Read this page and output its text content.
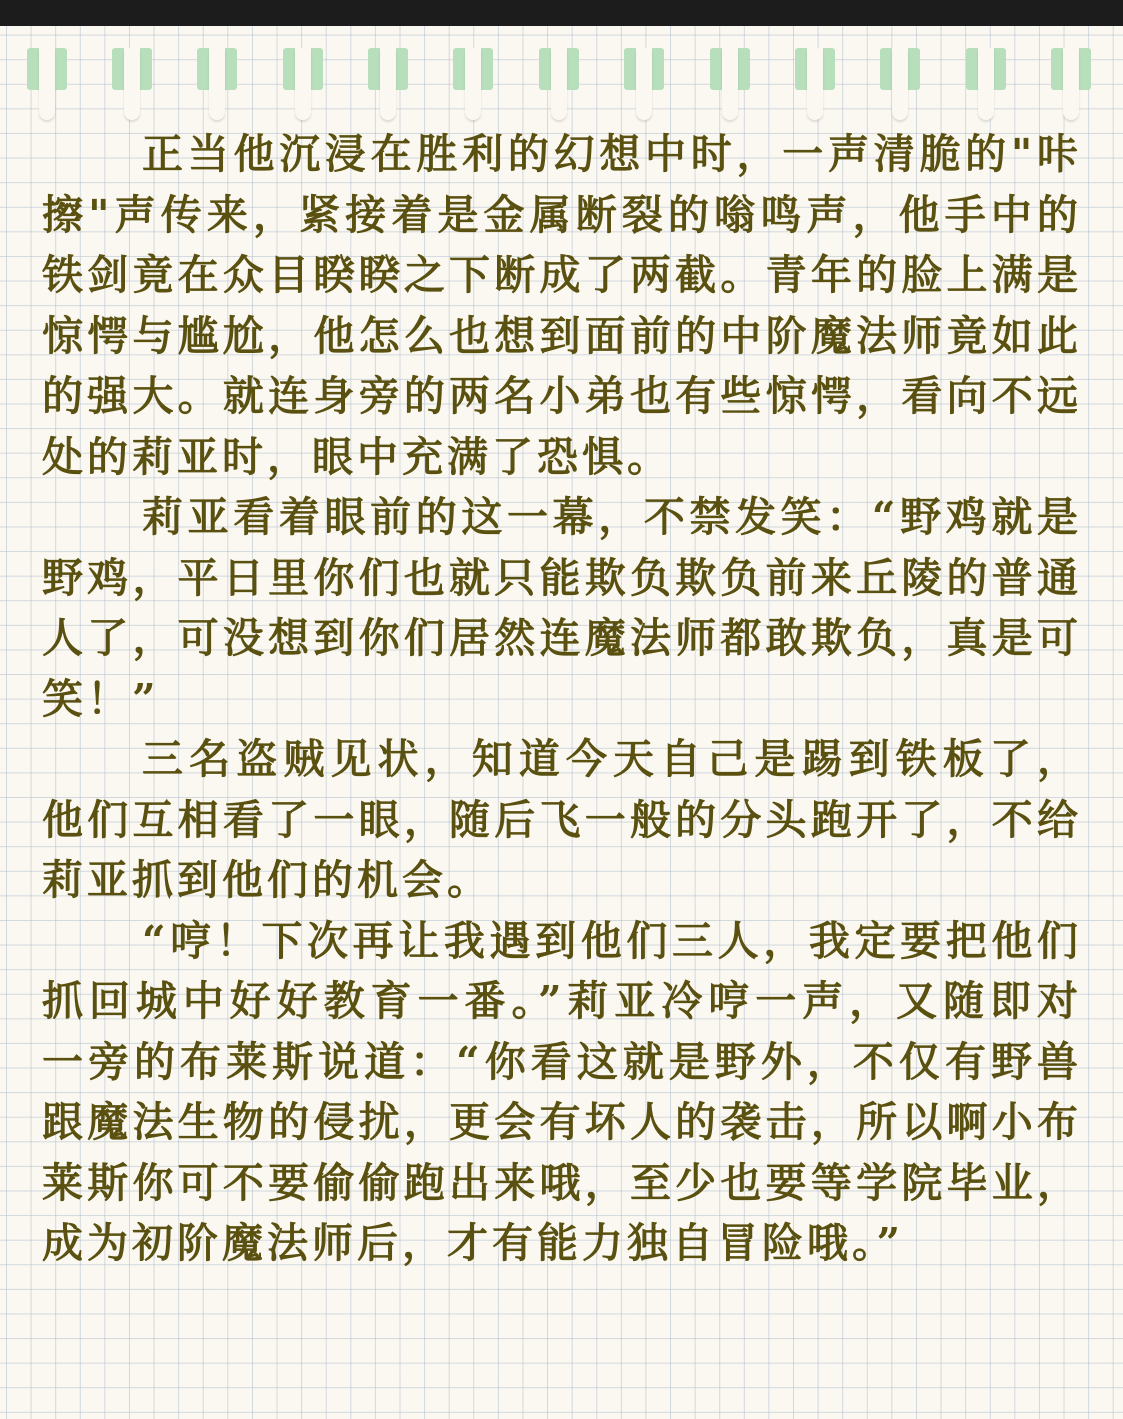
正当他沉浸在胜利的幻想中时，一声清脆的"咔擦"声传来，紧接着是金属断裂的嗡鸣声，他手中的铁剑竟在众目睽睽之下断成了两截。青年的脸上满是惊愕与尴尬，他怎么也想到面前的中阶魔法师竟如此的强大。就连身旁的两名小弟也有些惊愕，看向不远处的莉亚时，眼中充满了恐惧。

莉亚看着眼前的这一幕，不禁发笑：“野鸡就是野鸡，平日里你们也就只能欺负欺负前来丘陵的普通人了，可没想到你们居然连魔法师都敢欺负，真是可笑！”

三名盗贼见状，知道今天自己是踢到铁板了，他们互相看了一眼，随后飞一般的分头跑开了，不给莉亚抓到他们的机会。

“哼！下次再让我遇到他们三人，我定要把他们抓回城中好好教育一番。”莉亚冷哼一声，又随即对一旁的布莱斯说道：“你看这就是野外，不仅有野兽跟魔法生物的侵扰，更会有坏人的袭击，所以啊小布莱斯你可不要偷偷跑出来哦，至少也要等学院毕业，成为初阶魔法师后，才有能力独自冒险哦。”
